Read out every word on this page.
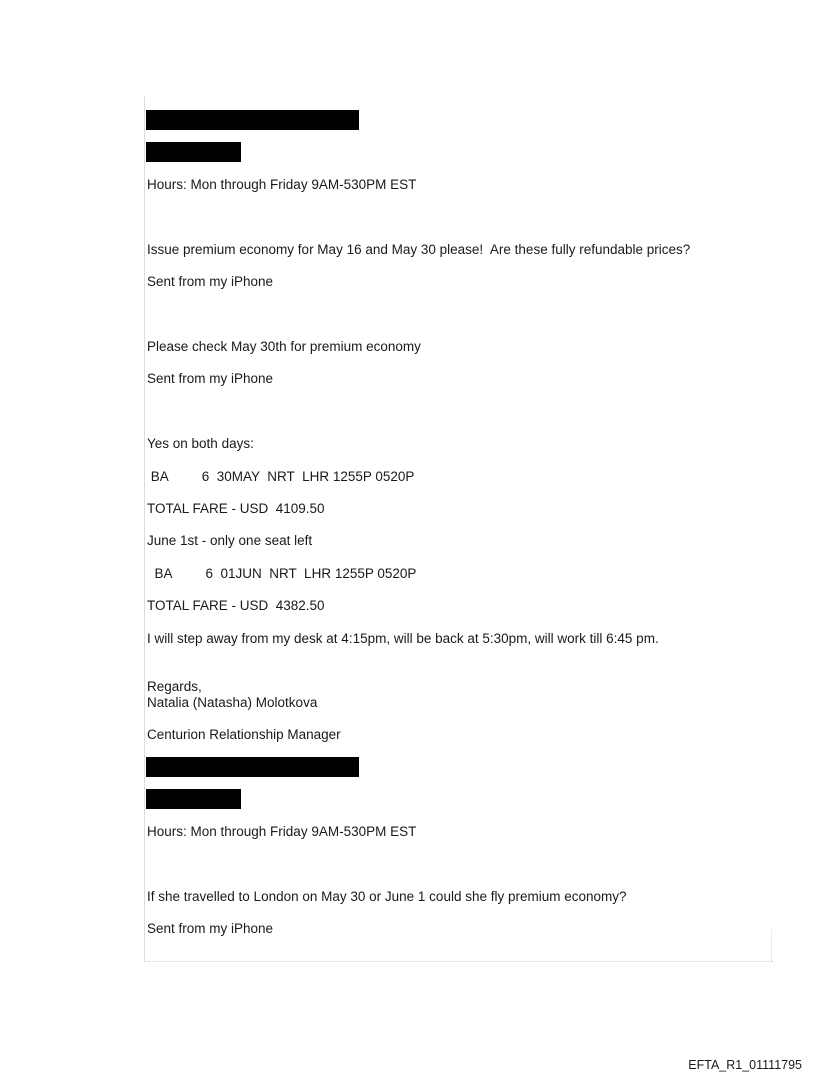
Hours: Mon through Friday 9AM-530PM EST
Issue premium economy for May 16 and May 30 please!  Are these fully refundable prices?
Sent from my iPhone
Please check May 30th for premium economy
Sent from my iPhone
Yes on both days:
BA         6  30MAY  NRT  LHR 1255P 0520P
TOTAL FARE - USD  4109.50
June 1st - only one seat left
BA         6  01JUN  NRT  LHR 1255P 0520P
TOTAL FARE - USD  4382.50
I will step away from my desk at 4:15pm, will be back at 5:30pm, will work till 6:45 pm.
Regards,
Natalia (Natasha) Molotkova
Centurion Relationship Manager
Hours: Mon through Friday 9AM-530PM EST
If she travelled to London on May 30 or June 1 could she fly premium economy?
Sent from my iPhone
EFTA_R1_01111795
